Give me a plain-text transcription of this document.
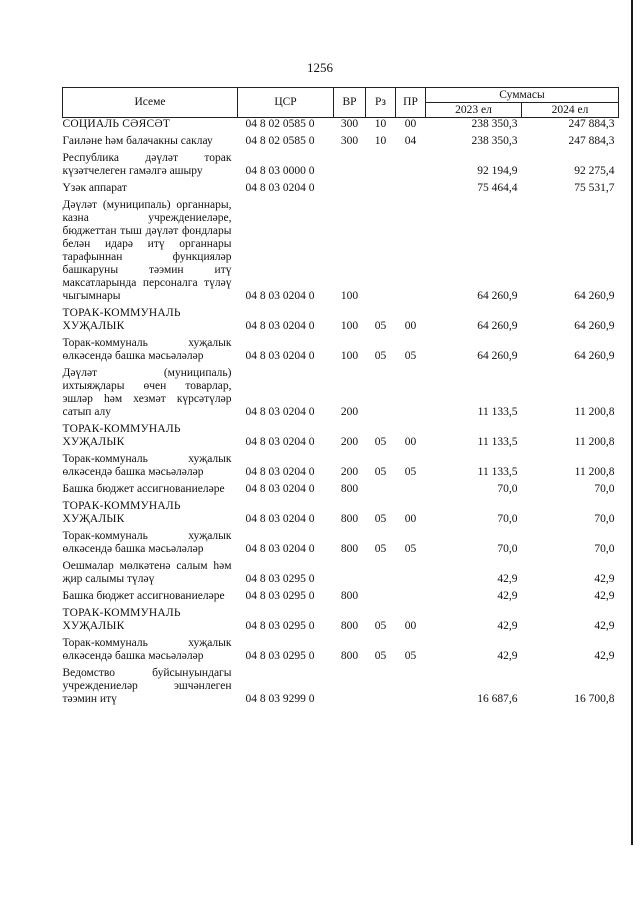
1256
Исеме	ЦСР	ВР	Рз	ПР	Суммасы	
					2023 ел	2024 ел
СОЦИАЛЬ СӘЯСӘТ	04 8 02 0585 0	300	10	00	238 350,3	247 884,3
Гаиләне һәм балачакны саклау	04 8 02 0585 0	300	10	04	238 350,3	247 884,3
Республика дәүләт торак күзәтчелеген гамәлгә ашыру	04 8 03 0000 0				92 194,9	92 275,4
Үзәк аппарат	04 8 03 0204 0				75 464,4	75 531,7
Дәүләт (муниципаль) органнары, казна учреждениеләре, бюджеттан тыш дәүләт фондлары белән идарә итү органнары тарафыннан функцияләр башкаруны тәэмин итү максатларында персоналга түләү чыгымнары	04 8 03 0204 0	100			64 260,9	64 260,9
ТОРАК-КОММУНАЛЬ ХУҖАЛЫК	04 8 03 0204 0	100	05	00	64 260,9	64 260,9
Торак-коммуналь хуҗалык өлкәсендә башка мәсьәләләр	04 8 03 0204 0	100	05	05	64 260,9	64 260,9
Дәүләт (муниципаль) ихтыяҗлары өчен товарлар, эшләр һәм хезмәт күрсәтүләр сатып алу	04 8 03 0204 0	200			11 133,5	11 200,8
ТОРАК-КОММУНАЛЬ ХУҖАЛЫК	04 8 03 0204 0	200	05	00	11 133,5	11 200,8
Торак-коммуналь хуҗалык өлкәсендә башка мәсьәләләр	04 8 03 0204 0	200	05	05	11 133,5	11 200,8
Башка бюджет ассигнованиеләре	04 8 03 0204 0	800			70,0	70,0
ТОРАК-КОММУНАЛЬ ХУҖАЛЫК	04 8 03 0204 0	800	05	00	70,0	70,0
Торак-коммуналь хуҗалык өлкәсендә башка мәсьәләләр	04 8 03 0204 0	800	05	05	70,0	70,0
Оешмалар мөлкәтенә салым һәм җир салымы түләү	04 8 03 0295 0				42,9	42,9
Башка бюджет ассигнованиеләре	04 8 03 0295 0	800			42,9	42,9
ТОРАК-КОММУНАЛЬ ХУҖАЛЫК	04 8 03 0295 0	800	05	00	42,9	42,9
Торак-коммуналь хуҗалык өлкәсендә башка мәсьәләләр	04 8 03 0295 0	800	05	05	42,9	42,9
Ведомство буйсынуындагы учреждениеләр эшчәнлеген тәэмин итү	04 8 03 9299 0				16 687,6	16 700,8
